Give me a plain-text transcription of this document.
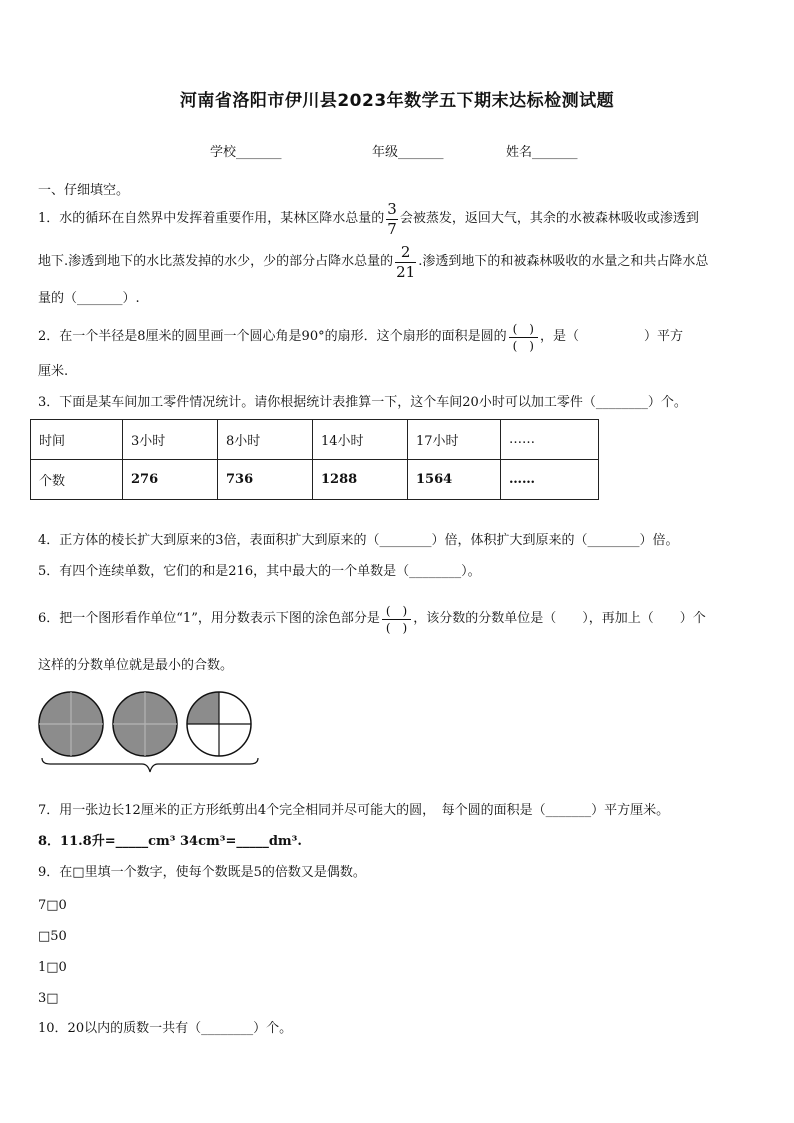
河南省洛阳市伊川县2023年数学五下期末达标检测试题
学校_______	年级_______	姓名_______
一、仔细填空。
1． 水的循环在自然界中发挥着重要作用，某林区降水总量的 $\frac{3}{7}$ 会被蒸发，返回大气，其余的水被森林吸收或渗透到
地下.渗透到地下的水比蒸发掉的水少，少的部分占降水总量的 $\frac{2}{21}$ .渗透到地下的和被森林吸收的水量之和共占降水总
量的（_______）.
2． 在一个半径是8厘米的圆里画一个圆心角是90°的扇形．这个扇形的面积是圆的 $\frac{( )}{( )}$ ，是（　　　　　）平方
厘米.
3．下面是某车间加工零件情况统计。请你根据统计表推算一下，这个车间20小时可以加工零件（________）个。
时间	3小时	8小时	14小时	17小时	……
个数	276	736	1288	1564	……
4．正方体的棱长扩大到原来的3倍，表面积扩大到原来的（________）倍，体积扩大到原来的（________）倍。
5．有四个连续单数，它们的和是216，其中最大的一个单数是（________）。
6． 把一个图形看作单位“1”，用分数表示下图的涂色部分是 $\frac{( )}{( )}$ ，该分数的分数单位是（　　），再加上（　　）个
这样的分数单位就是最小的合数。
7．用一张边长12厘米的正方形纸剪出4个完全相同并尽可能大的圆，　每个圆的面积是（_______）平方厘米。
8．11.8升=_____cm³ 34cm³=_____dm³.
9．在□里填一个数字，使每个数既是5的倍数又是偶数。
7□0
□50
1□0
3□
10．20以内的质数一共有（________）个。
